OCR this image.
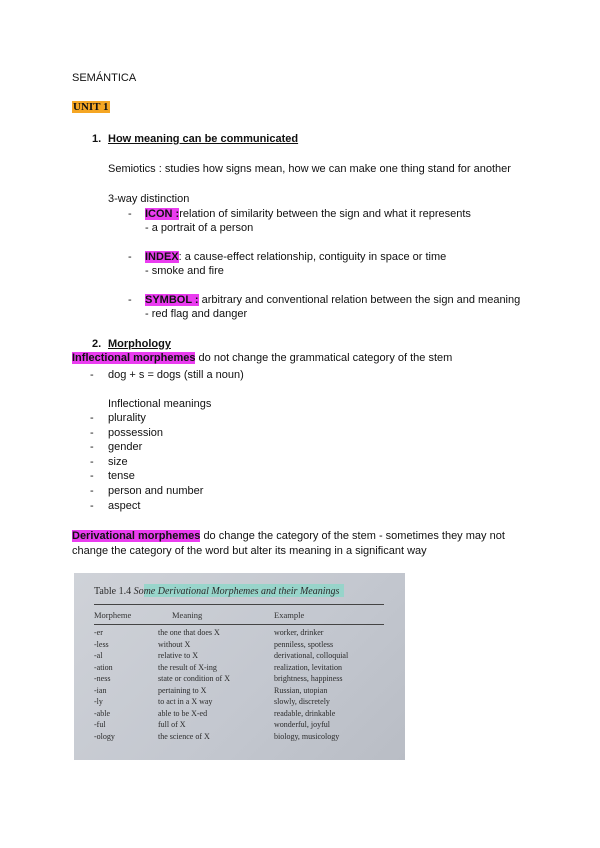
SEMÁNTICA
UNIT 1
1. How meaning can be communicated
Semiotics : studies how signs mean, how we can make one thing stand for another
3-way distinction
- ICON :relation of similarity between the sign and what it represents
- a portrait of a person
- INDEX: a cause-effect relationship, contiguity in space or time
- smoke and fire
- SYMBOL : arbitrary and conventional relation between the sign and meaning
- red flag and danger
2. Morphology
Inflectional morphemes do not change the grammatical category of the stem
- dog + s = dogs (still a noun)
Inflectional meanings
- plurality
- possession
- gender
- size
- tense
- person and number
- aspect
Derivational morphemes do change the category of the stem - sometimes they may not
change the category of the word but alter its meaning in a significant way
Table 1.4 Some Derivational Morphemes and their Meanings
Morpheme	Meaning	Example
-er	the one that does X	worker, drinker
-less	without X	penniless, spotless
-al	relative to X	derivational, colloquial
-ation	the result of X-ing	realization, levitation
-ness	state or condition of X	brightness, happiness
-ian	pertaining to X	Russian, utopian
-ly	to act in a X way	slowly, discretely
-able	able to be X-ed	readable, drinkable
-ful	full of X	wonderful, joyful
-ology	the science of X	biology, musicology
